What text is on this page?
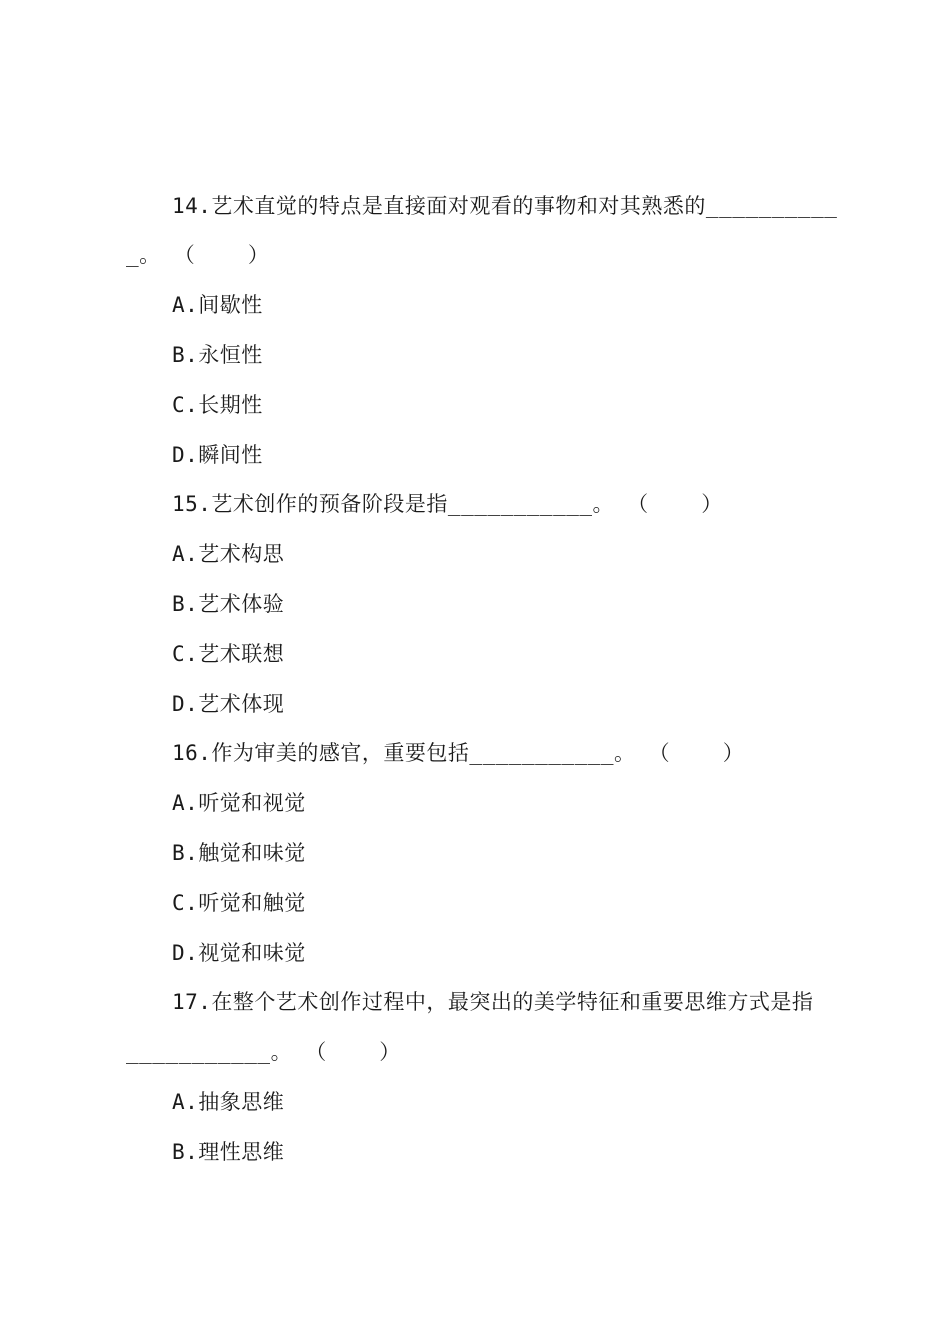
14.艺术直觉的特点是直接面对观看的事物和对其熟悉的__________
_。 （    ）
A.间歇性
B.永恒性
C.长期性
D.瞬间性
15.艺术创作的预备阶段是指___________。 （    ）
A.艺术构思
B.艺术体验
C.艺术联想
D.艺术体现
16.作为审美的感官，重要包括___________。 （    ）
A.听觉和视觉
B.触觉和味觉
C.听觉和触觉
D.视觉和味觉
17.在整个艺术创作过程中，最突出的美学特征和重要思维方式是指
___________。 （    ）
A.抽象思维
B.理性思维
